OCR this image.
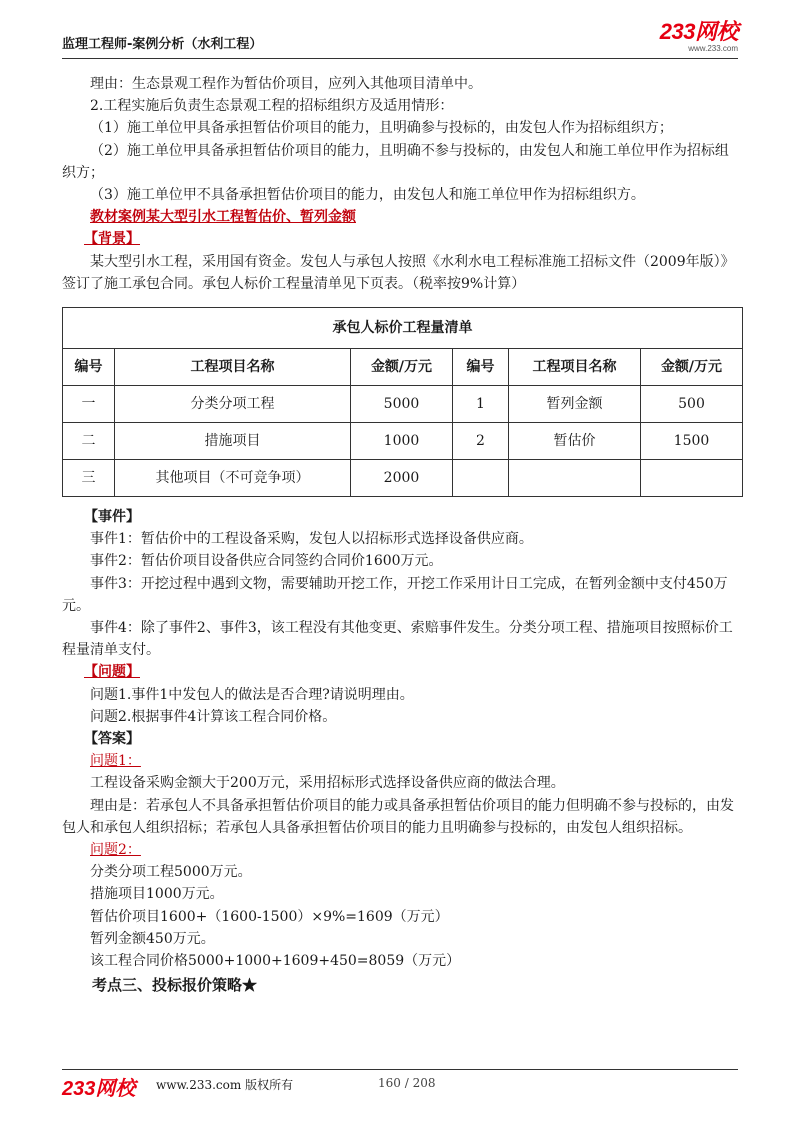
监理工程师-案例分析（水利工程）
233网校
www.233.com

理由：生态景观工程作为暂估价项目，应列入其他项目清单中。

2.工程实施后负责生态景观工程的招标组织方及适用情形：

（1）施工单位甲具备承担暂估价项目的能力，且明确参与投标的，由发包人作为招标组织方；

（2）施工单位甲具备承担暂估价项目的能力，且明确不参与投标的，由发包人和施工单位甲作为招标组织方；

（3）施工单位甲不具备承担暂估价项目的能力，由发包人和施工单位甲作为招标组织方。

教材案例某大型引水工程暂估价、暂列金额

【背景】

某大型引水工程，采用国有资金。发包人与承包人按照《水利水电工程标准施工招标文件（2009年版）》签订了施工承包合同。承包人标价工程量清单见下页表。（税率按9%计算）

承包人标价工程量清单					
编号	工程项目名称	金额/万元	编号	工程项目名称	金额/万元
一	分类分项工程	5000	1	暂列金额	500
二	措施项目	1000	2	暂估价	1500
三	其他项目（不可竞争项）	2000			

【事件】

事件1：暂估价中的工程设备采购，发包人以招标形式选择设备供应商。

事件2：暂估价项目设备供应合同签约合同价1600万元。

事件3：开挖过程中遇到文物，需要辅助开挖工作，开挖工作采用计日工完成，在暂列金额中支付450万元。

事件4：除了事件2、事件3，该工程没有其他变更、索赔事件发生。分类分项工程、措施项目按照标价工程量清单支付。

【问题】

问题1.事件1中发包人的做法是否合理?请说明理由。

问题2.根据事件4计算该工程合同价格。

【答案】

问题1：

工程设备采购金额大于200万元，采用招标形式选择设备供应商的做法合理。

理由是：若承包人不具备承担暂估价项目的能力或具备承担暂估价项目的能力但明确不参与投标的，由发包人和承包人组织招标；若承包人具备承担暂估价项目的能力且明确参与投标的，由发包人组织招标。

问题2：

分类分项工程5000万元。

措施项目1000万元。

暂估价项目1600+（1600-1500）×9%=1609（万元）

暂列金额450万元。

该工程合同价格5000+1000+1609+450=8059（万元）

考点三、投标报价策略★

233网校 www.233.com 版权所有	160 / 208
